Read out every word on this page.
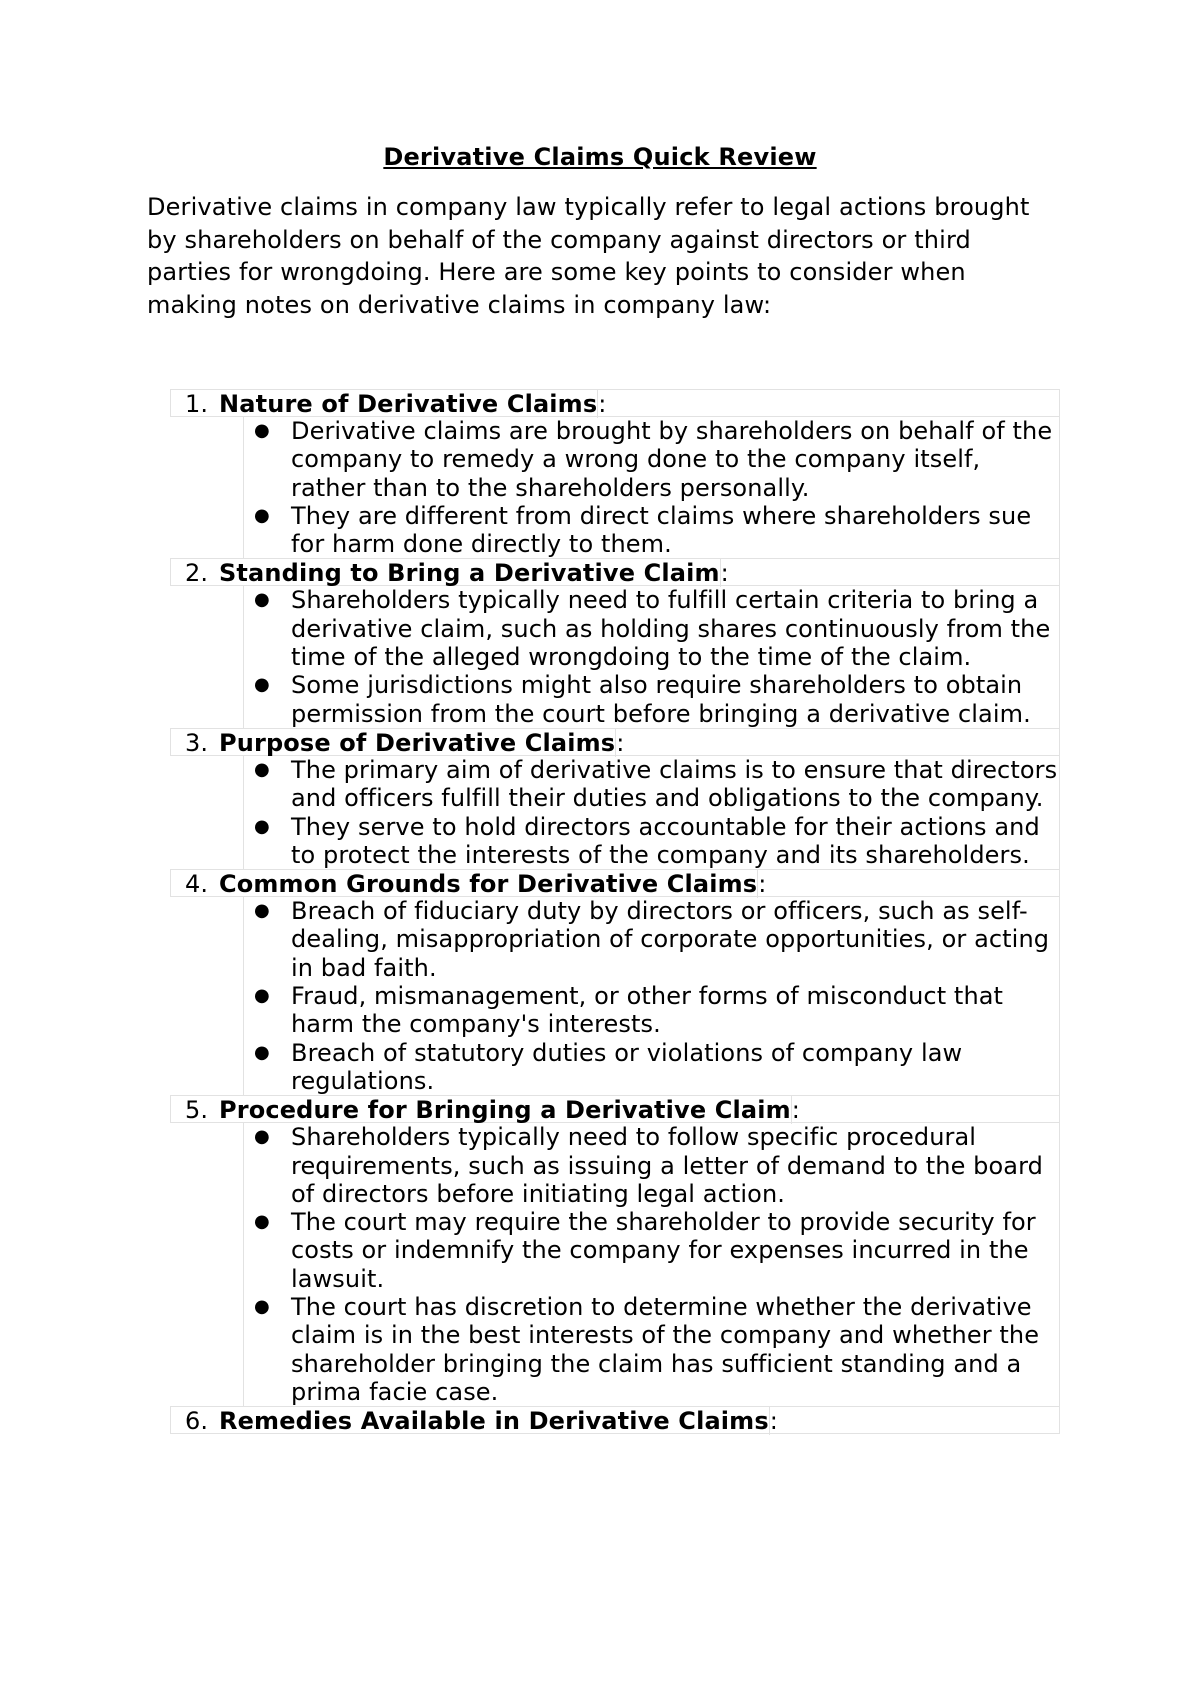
Derivative Claims Quick Review
Derivative claims in company law typically refer to legal actions brought by shareholders on behalf of the company against directors or third parties for wrongdoing. Here are some key points to consider when making notes on derivative claims in company law:
1. Nature of Derivative Claims:
● Derivative claims are brought by shareholders on behalf of the company to remedy a wrong done to the company itself, rather than to the shareholders personally.
● They are different from direct claims where shareholders sue for harm done directly to them.
2. Standing to Bring a Derivative Claim:
● Shareholders typically need to fulfill certain criteria to bring a derivative claim, such as holding shares continuously from the time of the alleged wrongdoing to the time of the claim.
● Some jurisdictions might also require shareholders to obtain permission from the court before bringing a derivative claim.
3. Purpose of Derivative Claims:
● The primary aim of derivative claims is to ensure that directors and officers fulfill their duties and obligations to the company.
● They serve to hold directors accountable for their actions and to protect the interests of the company and its shareholders.
4. Common Grounds for Derivative Claims:
● Breach of fiduciary duty by directors or officers, such as self-dealing, misappropriation of corporate opportunities, or acting in bad faith.
● Fraud, mismanagement, or other forms of misconduct that harm the company's interests.
● Breach of statutory duties or violations of company law regulations.
5. Procedure for Bringing a Derivative Claim:
● Shareholders typically need to follow specific procedural requirements, such as issuing a letter of demand to the board of directors before initiating legal action.
● The court may require the shareholder to provide security for costs or indemnify the company for expenses incurred in the lawsuit.
● The court has discretion to determine whether the derivative claim is in the best interests of the company and whether the shareholder bringing the claim has sufficient standing and a prima facie case.
6. Remedies Available in Derivative Claims:
